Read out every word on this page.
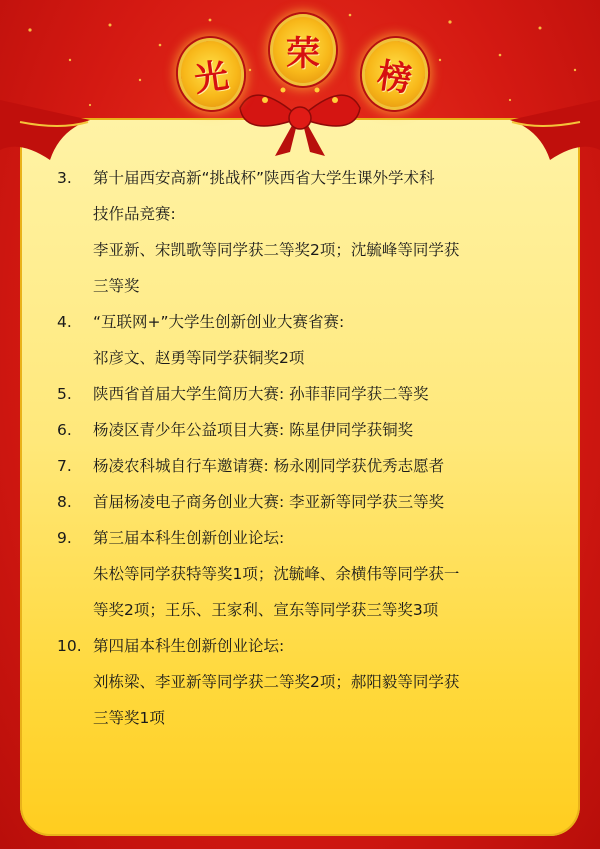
光
荣
榜
3. 第十届西安高新“挑战杯”陕西省大学生课外学术科
技作品竞赛:
李亚新、宋凯歌等同学获二等奖2项；沈毓峰等同学获
三等奖
4. “互联网+”大学生创新创业大赛省赛:
祁彦文、赵勇等同学获铜奖2项
5. 陕西省首届大学生简历大赛: 孙菲菲同学获二等奖
6. 杨凌区青少年公益项目大赛: 陈星伊同学获铜奖
7. 杨凌农科城自行车邀请赛: 杨永刚同学获优秀志愿者
8. 首届杨凌电子商务创业大赛: 李亚新等同学获三等奖
9. 第三届本科生创新创业论坛:
朱松等同学获特等奖1项；沈毓峰、余横伟等同学获一
等奖2项；王乐、王家利、宣东等同学获三等奖3项
10. 第四届本科生创新创业论坛:
刘栋梁、李亚新等同学获二等奖2项；郝阳毅等同学获
三等奖1项
